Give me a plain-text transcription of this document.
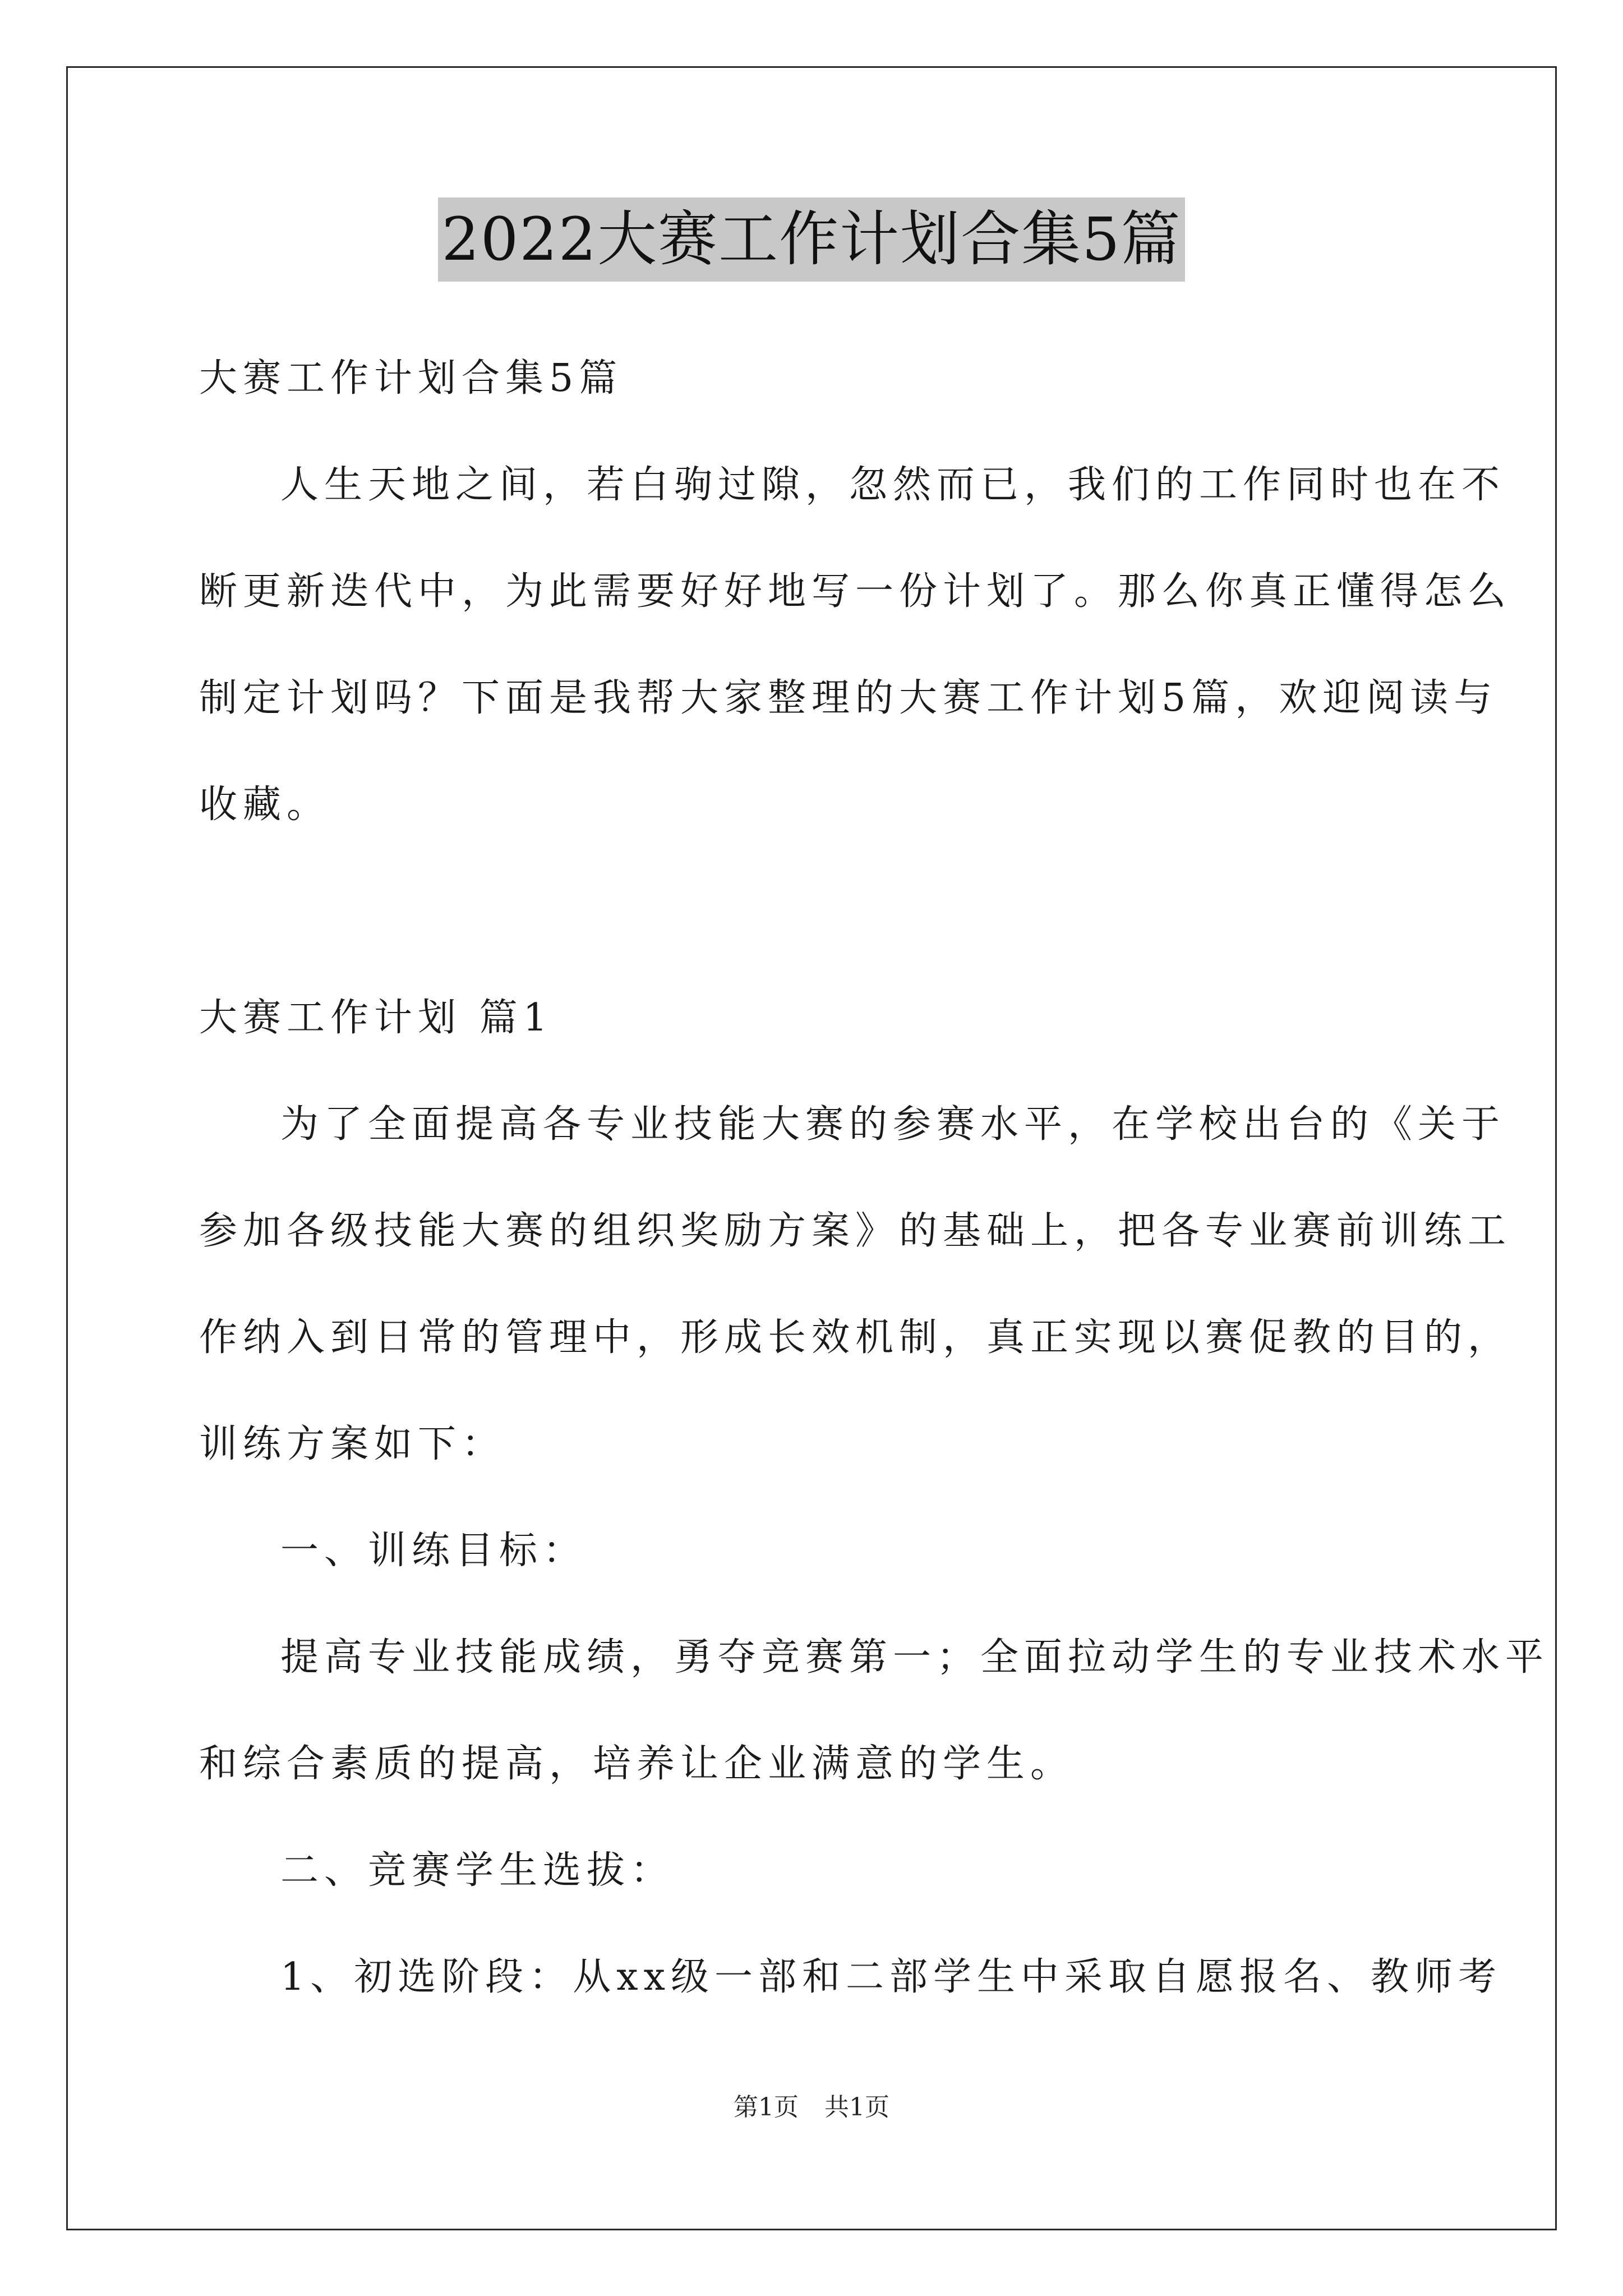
2022大赛工作计划合集5篇
大赛工作计划合集5篇
人生天地之间，若白驹过隙，忽然而已，我们的工作同时也在不
断更新迭代中，为此需要好好地写一份计划了。那么你真正懂得怎么
制定计划吗？下面是我帮大家整理的大赛工作计划5篇，欢迎阅读与
收藏。
大赛工作计划 篇1
为了全面提高各专业技能大赛的参赛水平，在学校出台的《关于
参加各级技能大赛的组织奖励方案》的基础上，把各专业赛前训练工
作纳入到日常的管理中，形成长效机制，真正实现以赛促教的目的，
训练方案如下：
一、训练目标：
提高专业技能成绩，勇夺竞赛第一；全面拉动学生的专业技术水平
和综合素质的提高，培养让企业满意的学生。
二、竞赛学生选拔：
1、初选阶段：从xx级一部和二部学生中采取自愿报名、教师考
第1页 共1页
